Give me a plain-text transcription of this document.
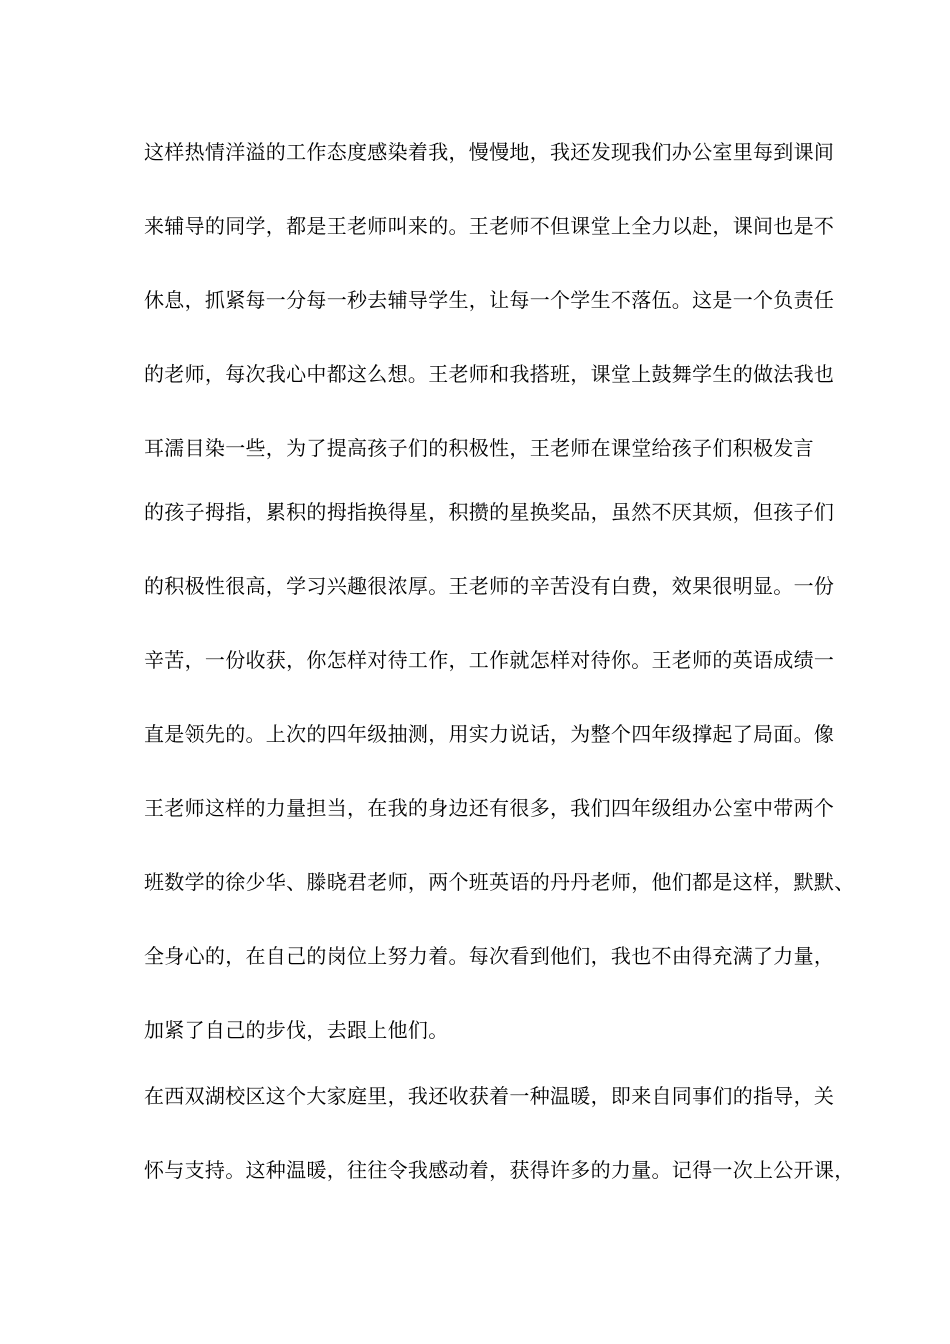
这样热情洋溢的工作态度感染着我，慢慢地，我还发现我们办公室里每到课间
来辅导的同学，都是王老师叫来的。王老师不但课堂上全力以赴，课间也是不
休息，抓紧每一分每一秒去辅导学生，让每一个学生不落伍。这是一个负责任
的老师，每次我心中都这么想。王老师和我搭班，课堂上鼓舞学生的做法我也
耳濡目染一些，为了提高孩子们的积极性，王老师在课堂给孩子们积极发言
的孩子拇指，累积的拇指换得星，积攒的星换奖品，虽然不厌其烦，但孩子们
的积极性很高，学习兴趣很浓厚。王老师的辛苦没有白费，效果很明显。一份
辛苦，一份收获，你怎样对待工作，工作就怎样对待你。王老师的英语成绩一
直是领先的。上次的四年级抽测，用实力说话，为整个四年级撑起了局面。像
王老师这样的力量担当，在我的身边还有很多，我们四年级组办公室中带两个
班数学的徐少华、滕晓君老师，两个班英语的丹丹老师，他们都是这样，默默、
全身心的，在自己的岗位上努力着。每次看到他们，我也不由得充满了力量，
加紧了自己的步伐，去跟上他们。
在西双湖校区这个大家庭里，我还收获着一种温暖，即来自同事们的指导，关
怀与支持。这种温暖，往往令我感动着，获得许多的力量。记得一次上公开课，
